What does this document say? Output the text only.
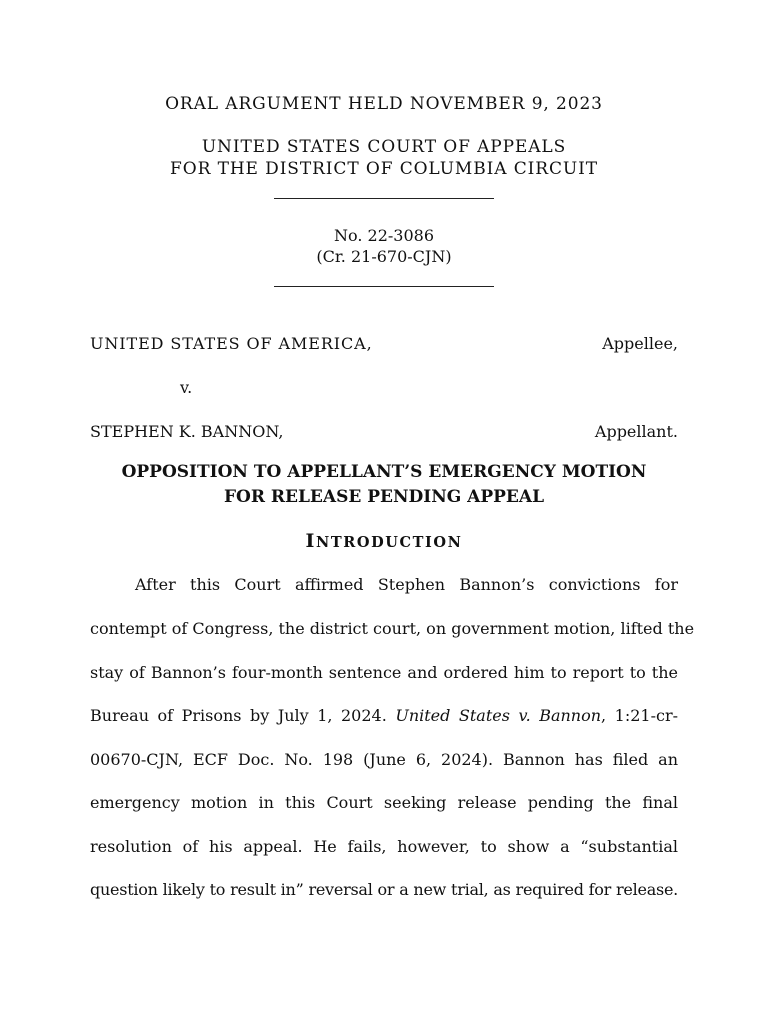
ORAL ARGUMENT HELD NOVEMBER 9, 2023
UNITED STATES COURT OF APPEALS
FOR THE DISTRICT OF COLUMBIA CIRCUIT
No. 22-3086
(Cr. 21-670-CJN)
UNITED STATES OF AMERICA,	Appellee,
v.
STEPHEN K. BANNON,	Appellant.
OPPOSITION TO APPELLANT’S EMERGENCY MOTION
FOR RELEASE PENDING APPEAL
INTRODUCTION
After this Court affirmed Stephen Bannon’s convictions for
contempt of Congress, the district court, on government motion, lifted the
stay of Bannon’s four-month sentence and ordered him to report to the
Bureau of Prisons by July 1, 2024. United States v. Bannon, 1:21-cr-
00670-CJN, ECF Doc. No. 198 (June 6, 2024). Bannon has filed an
emergency motion in this Court seeking release pending the final
resolution of his appeal. He fails, however, to show a “substantial
question likely to result in” reversal or a new trial, as required for release.
